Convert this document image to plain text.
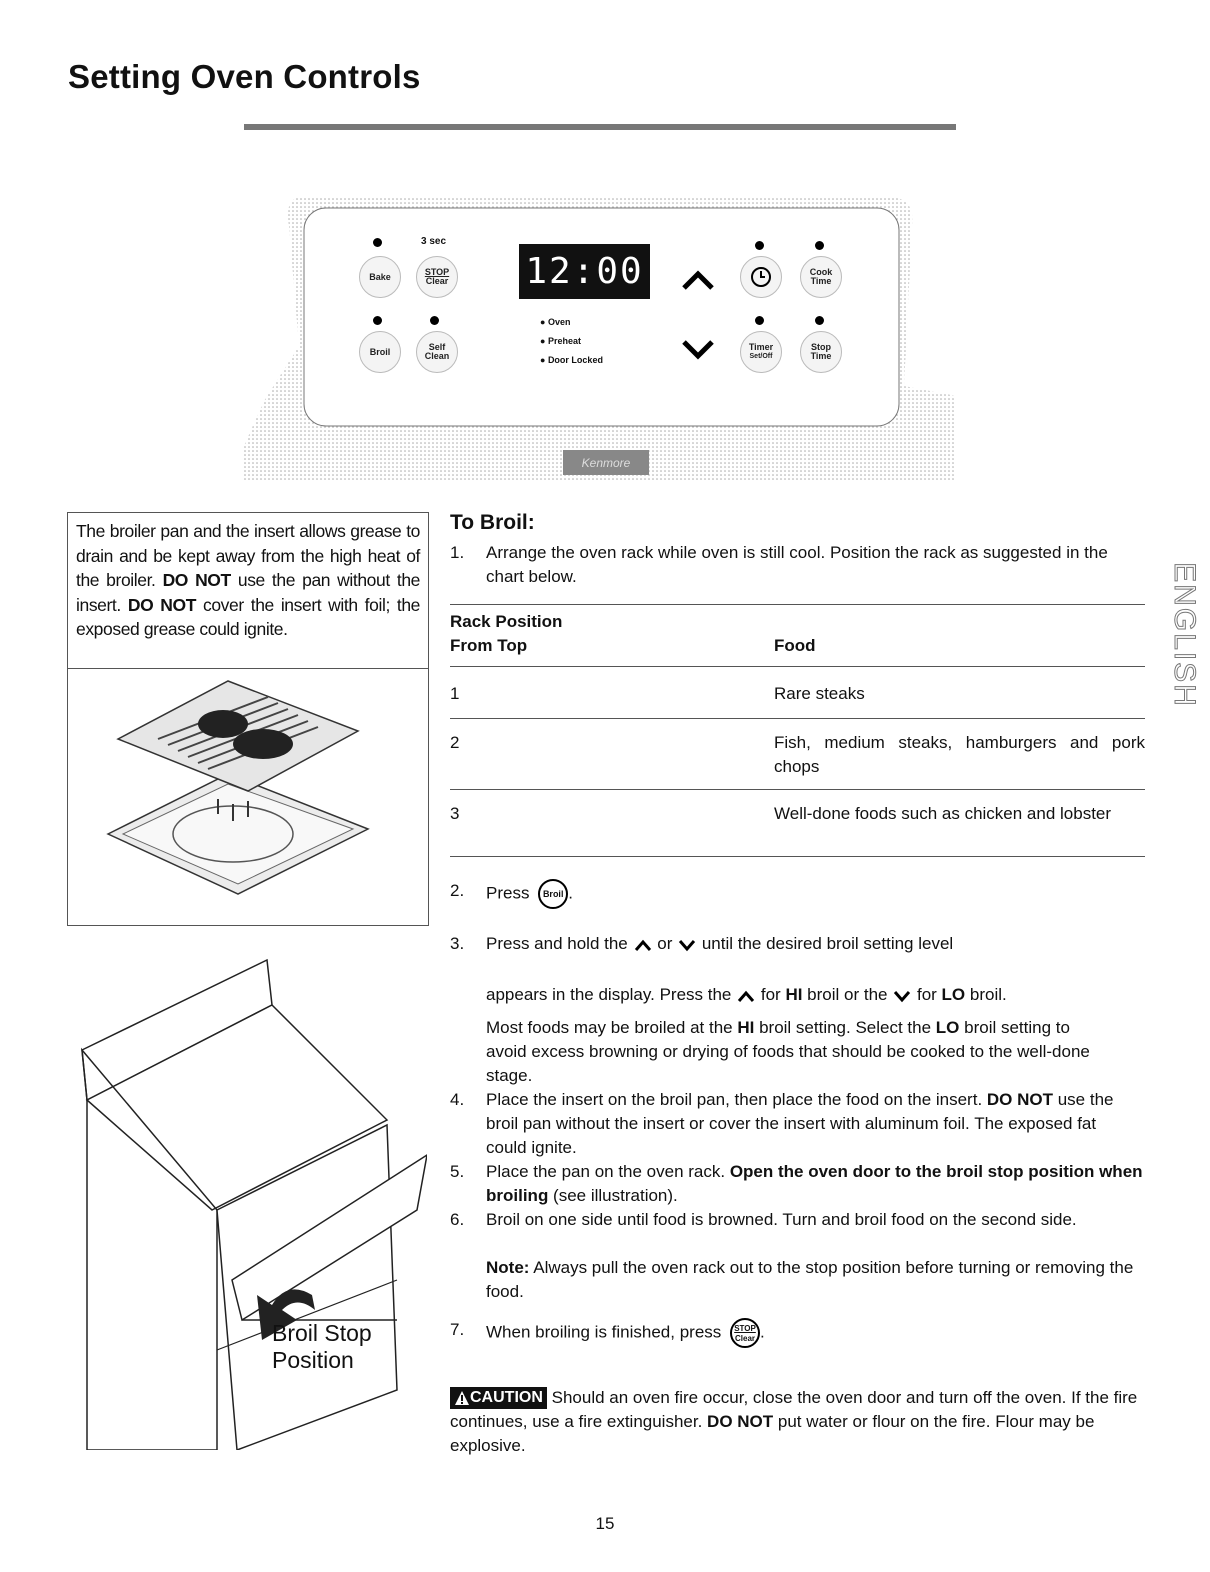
Setting Oven Controls
3 sec
Bake	STOP
Clear
Broil	Self
Clean
12:00
● Oven
● Preheat
● Door Locked
Cook
Time
Timer
Set/Off
Stop
Time
Kenmore
The broiler pan and the insert allows grease to drain and be kept away from the high heat of the broiler. DO NOT use the pan without the insert. DO NOT cover the insert with foil; the exposed grease could ignite.
Broil Stop
Position
To Broil:
1. Arrange the oven rack while oven is still cool. Position the rack as suggested in the chart below.
Rack Position
From Top	Food
1	Rare steaks
2	Fish, medium steaks, hamburgers and pork chops
3	Well-done foods such as chicken and lobster
2. Press Broil .
3. Press and hold the or until the desired broil setting level
appears in the display. Press the for HI broil or the for LO broil.
Most foods may be broiled at the HI broil setting. Select the LO broil setting to avoid excess browning or drying of foods that should be cooked to the well-done stage.
4. Place the insert on the broil pan, then place the food on the insert. DO NOT use the broil pan without the insert or cover the insert with aluminum foil. The exposed fat could ignite.
5. Place the pan on the oven rack. Open the oven door to the broil stop position when broiling (see illustration).
6. Broil on one side until food is browned. Turn and broil food on the second side.
Note: Always pull the oven rack out to the stop position before turning or removing the food.
7. When broiling is finished, press STOP
Clear .
CAUTION Should an oven fire occur, close the oven door and turn off the oven. If the fire continues, use a fire extinguisher. DO NOT put water or flour on the fire. Flour may be explosive.
ENGLISH
15
